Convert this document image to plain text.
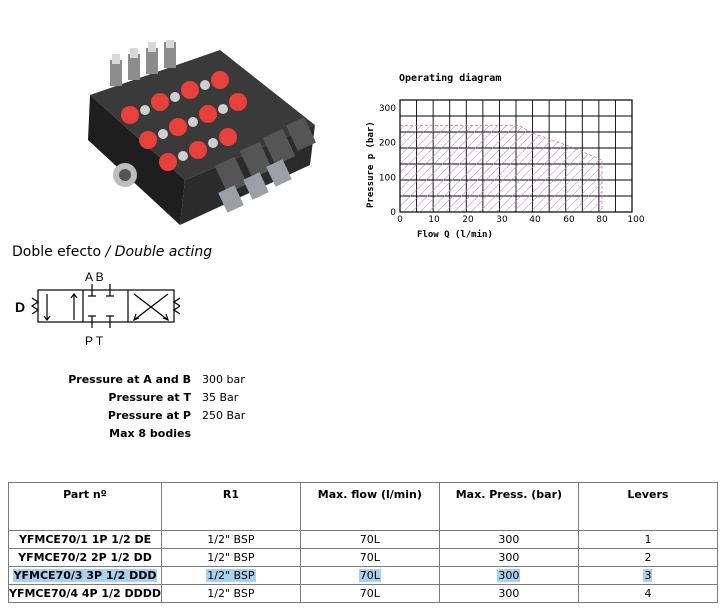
Operating diagram
300
200
100
0
0	10	20	30 40	60 80 100
Flow Q (l/min)
Pressure p (bar)
Doble efecto / Double acting
D
A B
P T
Pressure at A and B 300 bar
Pressure at T 35 Bar
Pressure at P 250 Bar
Max 8 bodies
Part nº	R1	Max. flow (l/min)	Max. Press. (bar)	Levers
YFMCE70/1 1P 1/2 DE	1/2" BSP	70L	300	1
YFMCE70/2 2P 1/2 DD	1/2" BSP	70L	300	2
YFMCE70/3 3P 1/2 DDD	1/2" BSP	70L	300	3
YFMCE70/4 4P 1/2 DDDD	1/2" BSP	70L	300	4
